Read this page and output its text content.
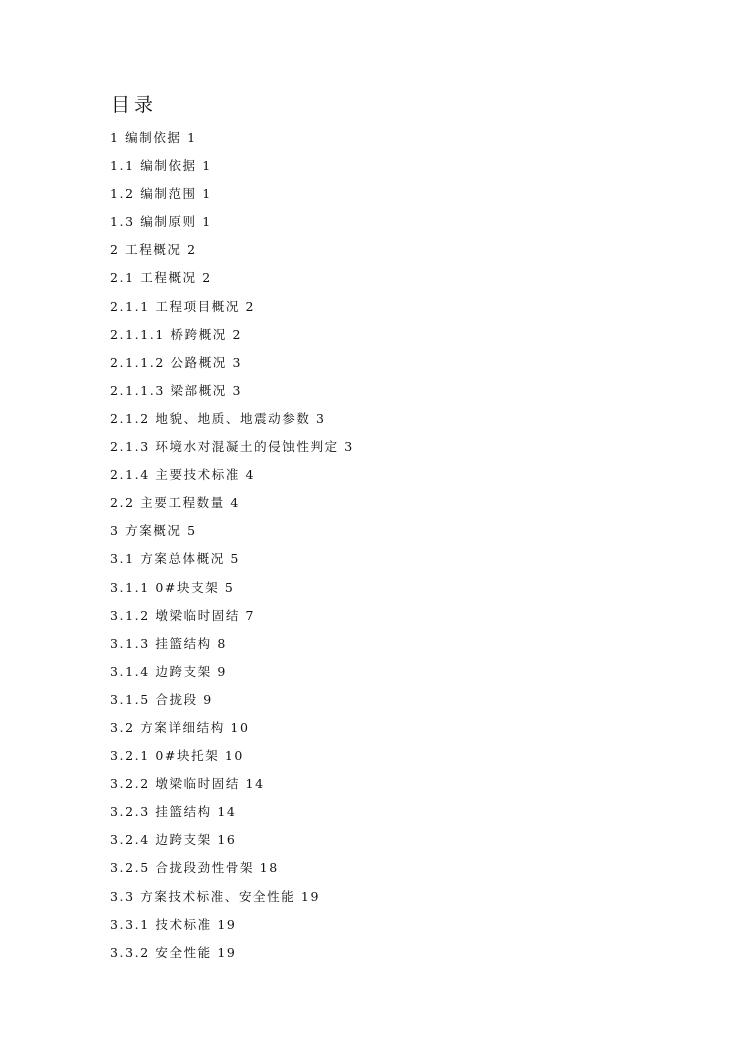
目录
1 编制依据 1
1.1 编制依据 1
1.2 编制范围 1
1.3 编制原则 1
2 工程概况 2
2.1 工程概况 2
2.1.1 工程项目概况 2
2.1.1.1 桥跨概况 2
2.1.1.2 公路概况 3
2.1.1.3 梁部概况 3
2.1.2 地貌、地质、地震动参数 3
2.1.3 环境水对混凝土的侵蚀性判定 3
2.1.4 主要技术标准 4
2.2 主要工程数量 4
3 方案概况 5
3.1 方案总体概况 5
3.1.1 0#块支架 5
3.1.2 墩梁临时固结 7
3.1.3 挂篮结构 8
3.1.4 边跨支架 9
3.1.5 合拢段 9
3.2 方案详细结构 10
3.2.1 0#块托架 10
3.2.2 墩梁临时固结 14
3.2.3 挂篮结构 14
3.2.4 边跨支架 16
3.2.5 合拢段劲性骨架 18
3.3 方案技术标准、安全性能 19
3.3.1 技术标准 19
3.3.2 安全性能 19
